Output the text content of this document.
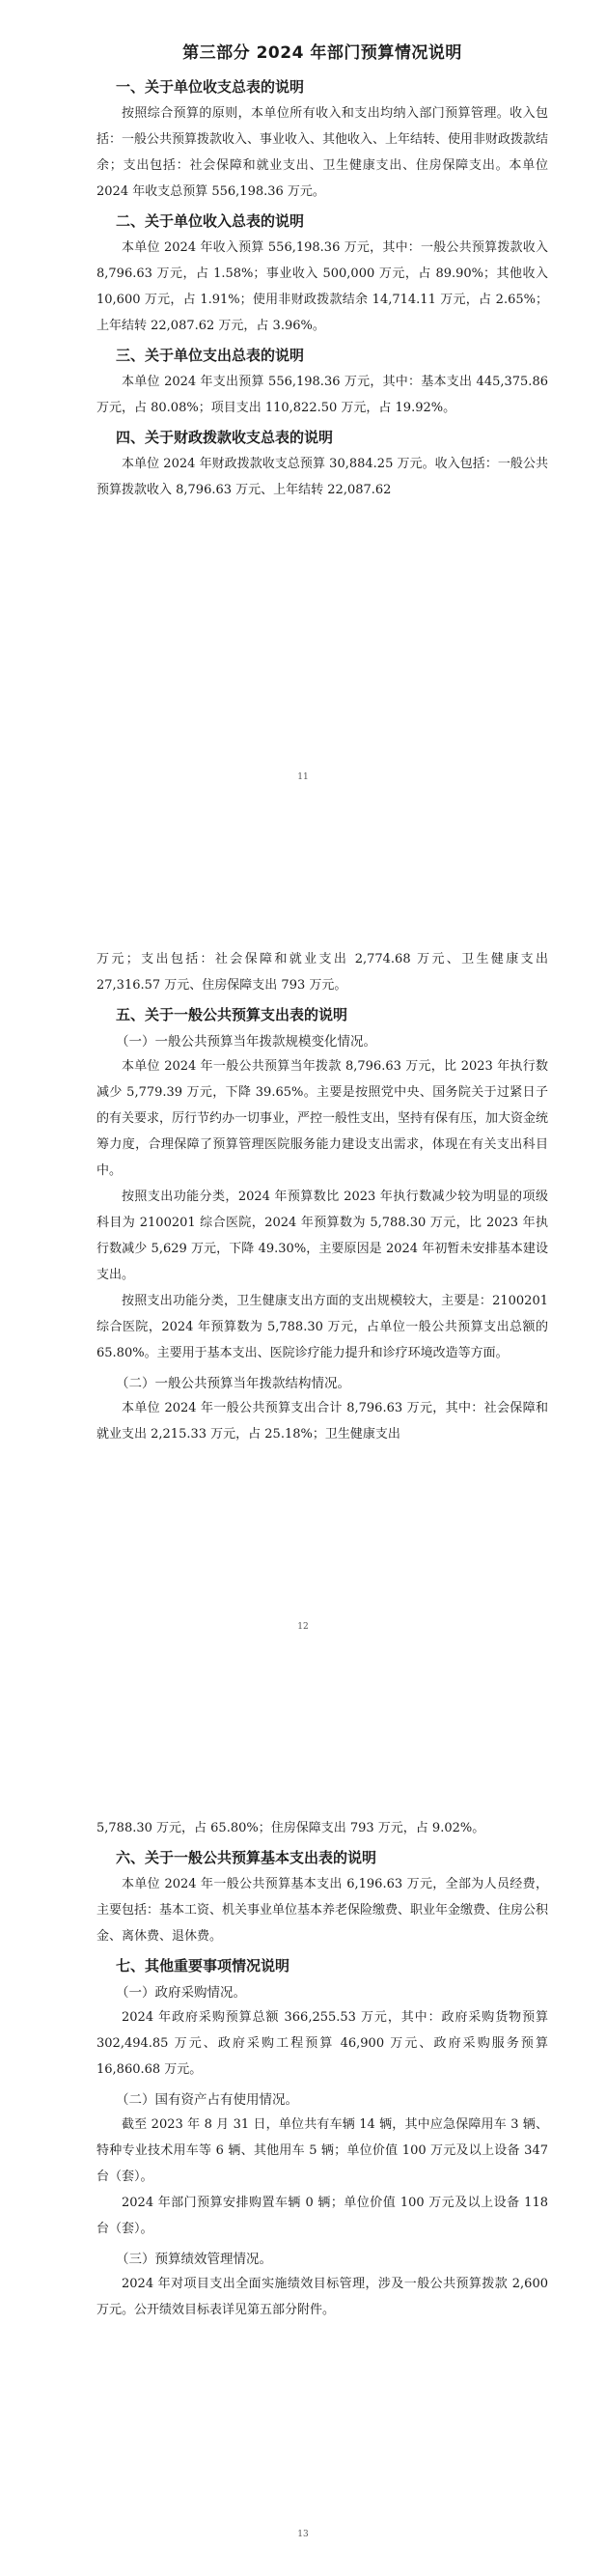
第三部分 2024 年部门预算情况说明
一、关于单位收支总表的说明

按照综合预算的原则，本单位所有收入和支出均纳入部门预算管理。收入包括：一般公共预算拨款收入、事业收入、其他收入、上年结转、使用非财政拨款结余；支出包括：社会保障和就业支出、卫生健康支出、住房保障支出。本单位 2024 年收支总预算 556,198.36 万元。

二、关于单位收入总表的说明

本单位 2024 年收入预算 556,198.36 万元，其中：一般公共预算拨款收入 8,796.63 万元，占 1.58%；事业收入 500,000 万元，占 89.90%；其他收入 10,600 万元，占 1.91%；使用非财政拨款结余 14,714.11 万元，占 2.65%；上年结转 22,087.62 万元，占 3.96%。

三、关于单位支出总表的说明

本单位 2024 年支出预算 556,198.36 万元，其中：基本支出 445,375.86 万元，占 80.08%；项目支出 110,822.50 万元，占 19.92%。

四、关于财政拨款收支总表的说明

本单位 2024 年财政拨款收支总预算 30,884.25 万元。收入包括：一般公共预算拨款收入 8,796.63 万元、上年结转 22,087.62

11

万元；支出包括：社会保障和就业支出 2,774.68 万元、卫生健康支出 27,316.57 万元、住房保障支出 793 万元。

五、关于一般公共预算支出表的说明
（一）一般公共预算当年拨款规模变化情况。

本单位 2024 年一般公共预算当年拨款 8,796.63 万元，比 2023 年执行数减少 5,779.39 万元，下降 39.65%。主要是按照党中央、国务院关于过紧日子的有关要求，厉行节约办一切事业，严控一般性支出，坚持有保有压，加大资金统筹力度，合理保障了预算管理医院服务能力建设支出需求，体现在有关支出科目中。

按照支出功能分类，2024 年预算数比 2023 年执行数减少较为明显的项级科目为 2100201 综合医院，2024 年预算数为 5,788.30 万元，比 2023 年执行数减少 5,629 万元，下降 49.30%，主要原因是 2024 年初暂未安排基本建设支出。

按照支出功能分类，卫生健康支出方面的支出规模较大，主要是：2100201 综合医院，2024 年预算数为 5,788.30 万元，占单位一般公共预算支出总额的 65.80%。主要用于基本支出、医院诊疗能力提升和诊疗环境改造等方面。

（二）一般公共预算当年拨款结构情况。

本单位 2024 年一般公共预算支出合计 8,796.63 万元，其中：社会保障和就业支出 2,215.33 万元，占 25.18%；卫生健康支出

12

5,788.30 万元，占 65.80%；住房保障支出 793 万元，占 9.02%。

六、关于一般公共预算基本支出表的说明

本单位 2024 年一般公共预算基本支出 6,196.63 万元，全部为人员经费，主要包括：基本工资、机关事业单位基本养老保险缴费、职业年金缴费、住房公积金、离休费、退休费。

七、其他重要事项情况说明
（一）政府采购情况。

2024 年政府采购预算总额 366,255.53 万元，其中：政府采购货物预算 302,494.85 万元、政府采购工程预算 46,900 万元、政府采购服务预算 16,860.68 万元。

（二）国有资产占有使用情况。

截至 2023 年 8 月 31 日，单位共有车辆 14 辆，其中应急保障用车 3 辆、特种专业技术用车等 6 辆、其他用车 5 辆；单位价值 100 万元及以上设备 347 台（套）。

2024 年部门预算安排购置车辆 0 辆；单位价值 100 万元及以上设备 118 台（套）。

（三）预算绩效管理情况。

2024 年对项目支出全面实施绩效目标管理，涉及一般公共预算拨款 2,600 万元。公开绩效目标表详见第五部分附件。

13
